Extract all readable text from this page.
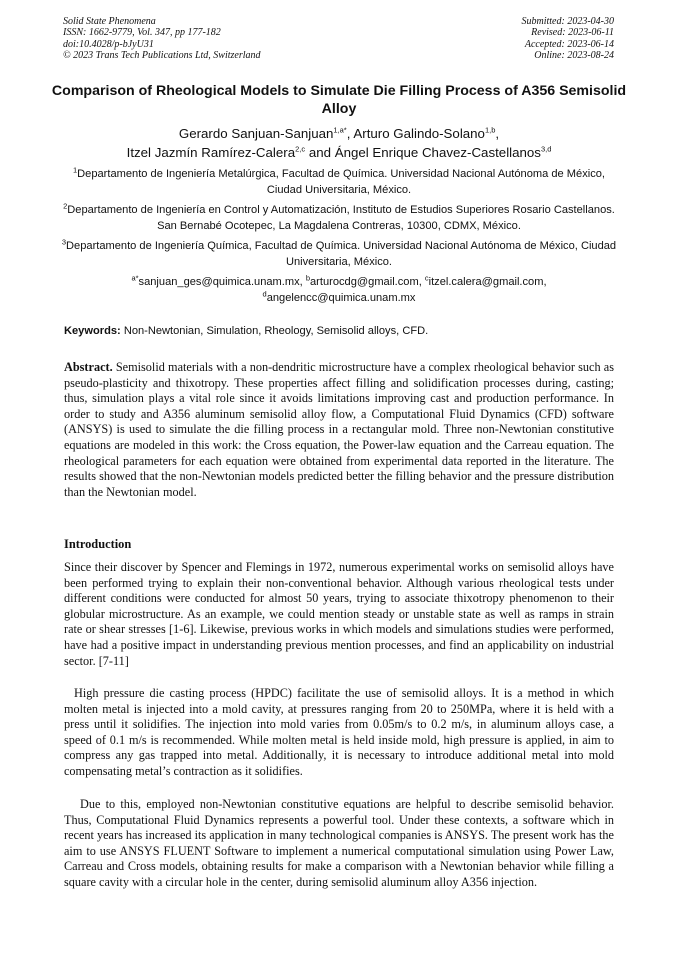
Solid State Phenomena
ISSN: 1662-9779, Vol. 347, pp 177-182
doi:10.4028/p-bJyU31
© 2023 Trans Tech Publications Ltd, Switzerland
Submitted: 2023-04-30
Revised: 2023-06-11
Accepted: 2023-06-14
Online: 2023-08-24
Comparison of Rheological Models to Simulate Die Filling Process of A356 Semisolid Alloy
Gerardo Sanjuan-Sanjuan$^{1,a*}$, Arturo Galindo-Solano$^{1,b}$,
Itzel Jazmín Ramírez-Calera$^{2,c}$ and Ángel Enrique Chavez-Castellanos$^{3,d}$
$^1$Departamento de Ingeniería Metalúrgica, Facultad de Química. Universidad Nacional Autónoma de México, Ciudad Universitaria, México.
$^2$Departamento de Ingeniería en Control y Automatización, Instituto de Estudios Superiores Rosario Castellanos. San Bernabé Ocotepec, La Magdalena Contreras, 10300, CDMX, México.
$^3$Departamento de Ingeniería Química, Facultad de Química. Universidad Nacional Autónoma de México, Ciudad Universitaria, México.
$^{a*}$sanjuan_ges@quimica.unam.mx, $^b$arturocdg@gmail.com, $^c$itzel.calera@gmail.com,
$^d$angelencc@quimica.unam.mx
Keywords: Non-Newtonian, Simulation, Rheology, Semisolid alloys, CFD.
Abstract. Semisolid materials with a non-dendritic microstructure have a complex rheological behavior such as pseudo-plasticity and thixotropy. These properties affect filling and solidification processes during, casting; thus, simulation plays a vital role since it avoids limitations improving cast and production performance. In order to study and A356 aluminum semisolid alloy flow, a Computational Fluid Dynamics (CFD) software (ANSYS) is used to simulate the die filling process in a rectangular mold. Three non-Newtonian constitutive equations are modeled in this work: the Cross equation, the Power-law equation and the Carreau equation. The rheological parameters for each equation were obtained from experimental data reported in the literature. The results showed that the non-Newtonian models predicted better the filling behavior and the pressure distribution than the Newtonian model.
Introduction
Since their discover by Spencer and Flemings in 1972, numerous experimental works on semisolid alloys have been performed trying to explain their non-conventional behavior. Although various rheological tests under different conditions were conducted for almost 50 years, trying to associate thixotropy phenomenon to their globular microstructure. As an example, we could mention steady or unstable state as well as ramps in strain rate or shear stresses [1-6]. Likewise, previous works in which models and simulations studies were performed, have had a positive impact in understanding previous mention processes, and find an applicability on industrial sector. [7-11]
High pressure die casting process (HPDC) facilitate the use of semisolid alloys. It is a method in which molten metal is injected into a mold cavity, at pressures ranging from 20 to 250MPa, where it is held with a press until it solidifies. The injection into mold varies from 0.05m/s to 0.2 m/s, in aluminum alloys case, a speed of 0.1 m/s is recommended. While molten metal is held inside mold, high pressure is applied, in aim to compress any gas trapped into metal. Additionally, it is necessary to introduce additional metal into mold compensating metal’s contraction as it solidifies.
Due to this, employed non-Newtonian constitutive equations are helpful to describe semisolid behavior. Thus, Computational Fluid Dynamics represents a powerful tool. Under these contexts, a software which in recent years has increased its application in many technological companies is ANSYS. The present work has the aim to use ANSYS FLUENT Software to implement a numerical computational simulation using Power Law, Carreau and Cross models, obtaining results for make a comparison with a Newtonian behavior while filling a square cavity with a circular hole in the center, during semisolid aluminum alloy A356 injection.
